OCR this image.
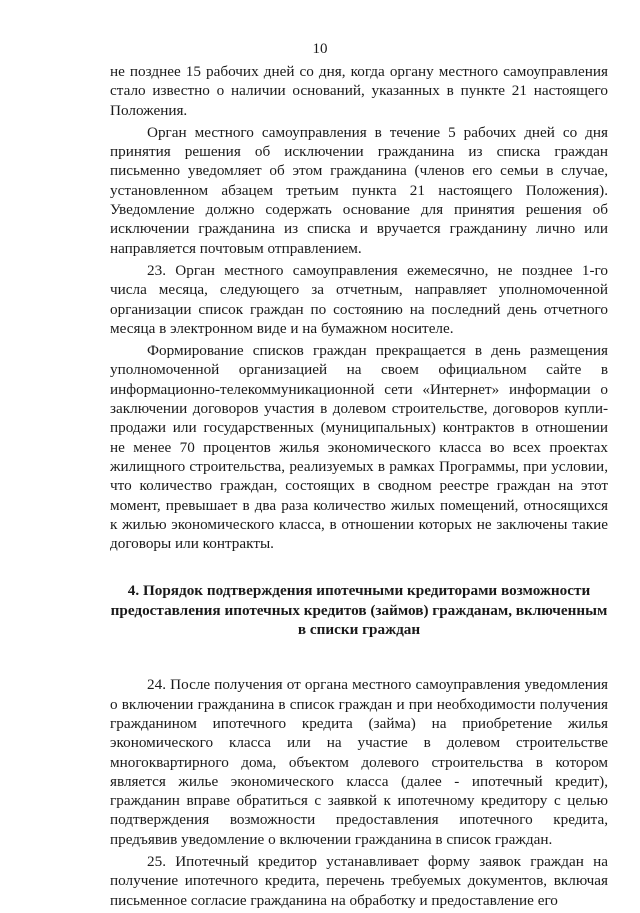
10

не позднее 15 рабочих дней со дня, когда органу местного самоуправления стало известно о наличии оснований, указанных в пункте 21 настоящего Положения.

Орган местного самоуправления в течение 5 рабочих дней со дня принятия решения об исключении гражданина из списка граждан письменно уведомляет об этом гражданина (членов его семьи в случае, установленном абзацем третьим пункта 21 настоящего Положения). Уведомление должно содержать основание для принятия решения об исключении гражданина из списка и вручается гражданину лично или направляется почтовым отправлением.

23. Орган местного самоуправления ежемесячно, не позднее 1-го числа месяца, следующего за отчетным, направляет уполномоченной организации список граждан по состоянию на последний день отчетного месяца в электронном виде и на бумажном носителе.

Формирование списков граждан прекращается в день размещения уполномоченной организацией на своем официальном сайте в информационно-телекоммуникационной сети «Интернет» информации о заключении договоров участия в долевом строительстве, договоров купли-продажи или государственных (муниципальных) контрактов в отношении не менее 70 процентов жилья экономического класса во всех проектах жилищного строительства, реализуемых в рамках Программы, при условии, что количество граждан, состоящих в сводном реестре граждан на этот момент, превышает в два раза количество жилых помещений, относящихся к жилью экономического класса, в отношении которых не заключены такие договоры или контракты.

4. Порядок подтверждения ипотечными кредиторами возможности предоставления ипотечных кредитов (займов) гражданам, включенным в списки граждан

24. После получения от органа местного самоуправления уведомления о включении гражданина в список граждан и при необходимости получения гражданином ипотечного кредита (займа) на приобретение жилья экономического класса или на участие в долевом строительстве многоквартирного дома, объектом долевого строительства в котором является жилье экономического класса (далее - ипотечный кредит), гражданин вправе обратиться с заявкой к ипотечному кредитору с целью подтверждения возможности предоставления ипотечного кредита, предъявив уведомление о включении гражданина в список граждан.

25. Ипотечный кредитор устанавливает форму заявок граждан на получение ипотечного кредита, перечень требуемых документов, включая письменное согласие гражданина на обработку и предоставление его
